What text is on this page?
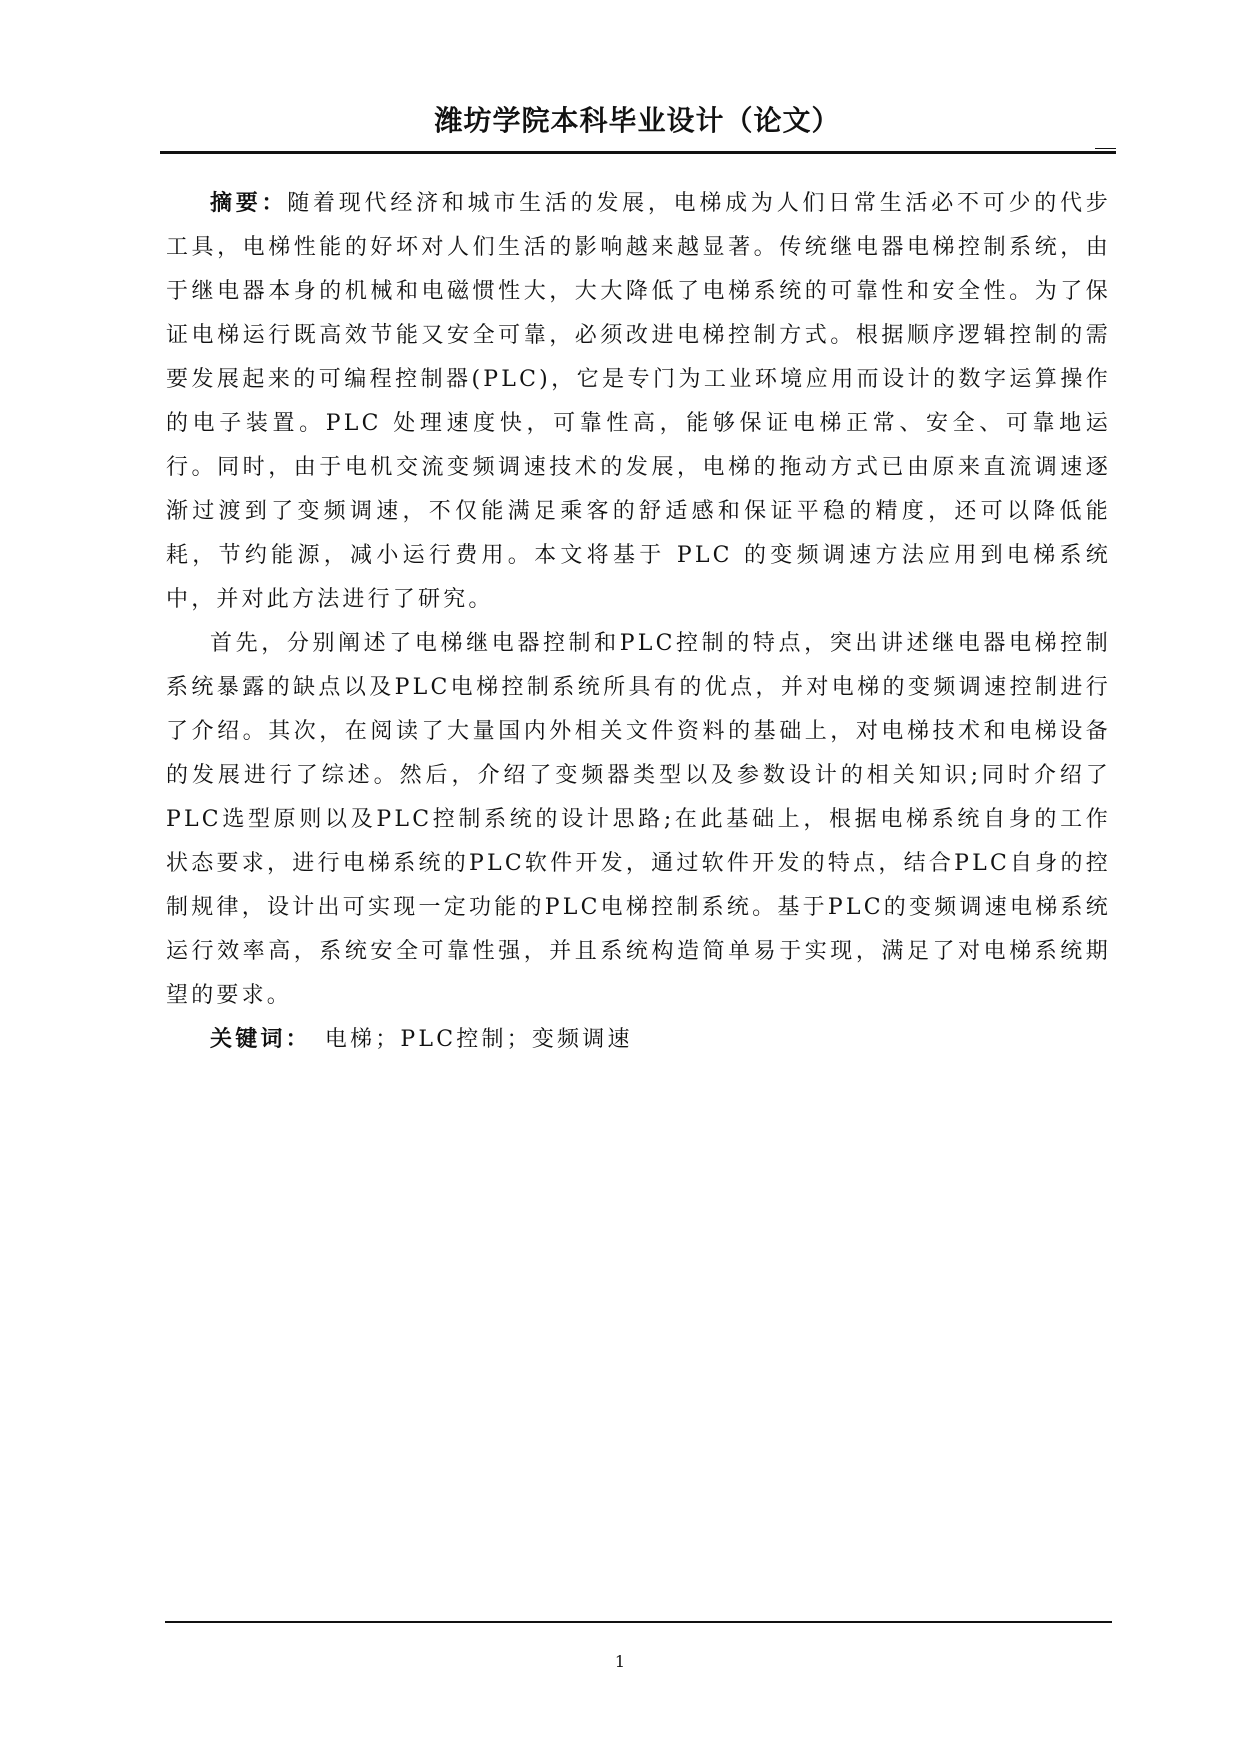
潍坊学院本科毕业设计（论文）

摘要：随着现代经济和城市生活的发展，电梯成为人们日常生活必不可少的代步工具，电梯性能的好坏对人们生活的影响越来越显著。传统继电器电梯控制系统，由于继电器本身的机械和电磁惯性大，大大降低了电梯系统的可靠性和安全性。为了保证电梯运行既高效节能又安全可靠，必须改进电梯控制方式。根据顺序逻辑控制的需要发展起来的可编程控制器(PLC)，它是专门为工业环境应用而设计的数字运算操作的电子装置。PLC 处理速度快，可靠性高，能够保证电梯正常、安全、可靠地运行。同时，由于电机交流变频调速技术的发展，电梯的拖动方式已由原来直流调速逐渐过渡到了变频调速，不仅能满足乘客的舒适感和保证平稳的精度，还可以降低能耗，节约能源，减小运行费用。本文将基于 PLC 的变频调速方法应用到电梯系统中，并对此方法进行了研究。

首先，分别阐述了电梯继电器控制和PLC控制的特点，突出讲述继电器电梯控制系统暴露的缺点以及PLC电梯控制系统所具有的优点，并对电梯的变频调速控制进行了介绍。其次，在阅读了大量国内外相关文件资料的基础上，对电梯技术和电梯设备的发展进行了综述。然后，介绍了变频器类型以及参数设计的相关知识;同时介绍了PLC选型原则以及PLC控制系统的设计思路;在此基础上，根据电梯系统自身的工作状态要求，进行电梯系统的PLC软件开发，通过软件开发的特点，结合PLC自身的控制规律，设计出可实现一定功能的PLC电梯控制系统。基于PLC的变频调速电梯系统运行效率高，系统安全可靠性强，并且系统构造简单易于实现，满足了对电梯系统期望的要求。

关键词： 电梯；PLC控制；变频调速

1
